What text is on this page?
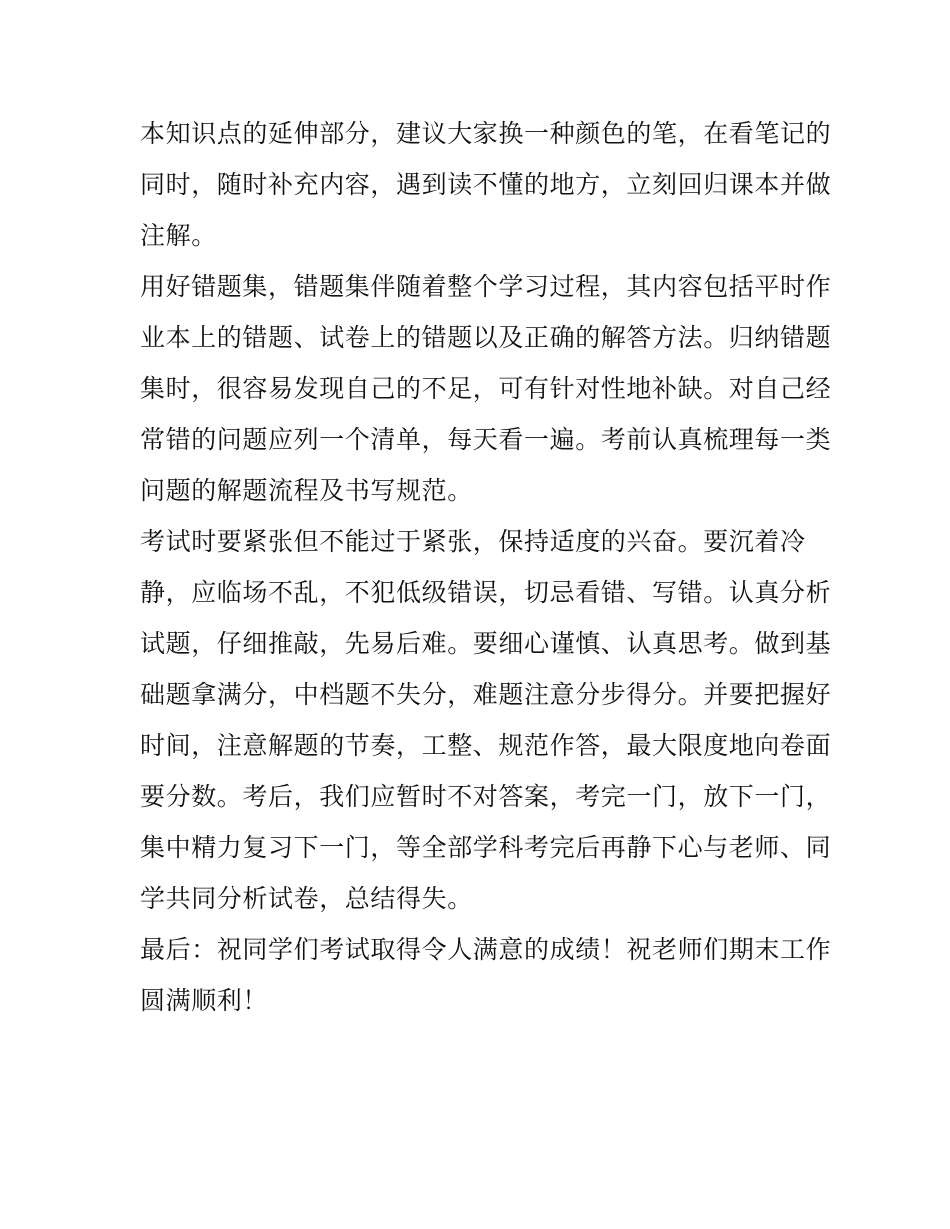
本知识点的延伸部分，建议大家换一种颜色的笔，在看笔记的
同时，随时补充内容，遇到读不懂的地方，立刻回归课本并做
注解。
用好错题集，错题集伴随着整个学习过程，其内容包括平时作
业本上的错题、试卷上的错题以及正确的解答方法。归纳错题
集时，很容易发现自己的不足，可有针对性地补缺。对自己经
常错的问题应列一个清单，每天看一遍。考前认真梳理每一类
问题的解题流程及书写规范。
考试时要紧张但不能过于紧张，保持适度的兴奋。要沉着冷
静，应临场不乱，不犯低级错误，切忌看错、写错。认真分析
试题，仔细推敲，先易后难。要细心谨慎、认真思考。做到基
础题拿满分，中档题不失分，难题注意分步得分。并要把握好
时间，注意解题的节奏，工整、规范作答，最大限度地向卷面
要分数。考后，我们应暂时不对答案，考完一门，放下一门，
集中精力复习下一门，等全部学科考完后再静下心与老师、同
学共同分析试卷，总结得失。
最后：祝同学们考试取得令人满意的成绩！祝老师们期末工作
圆满顺利！
